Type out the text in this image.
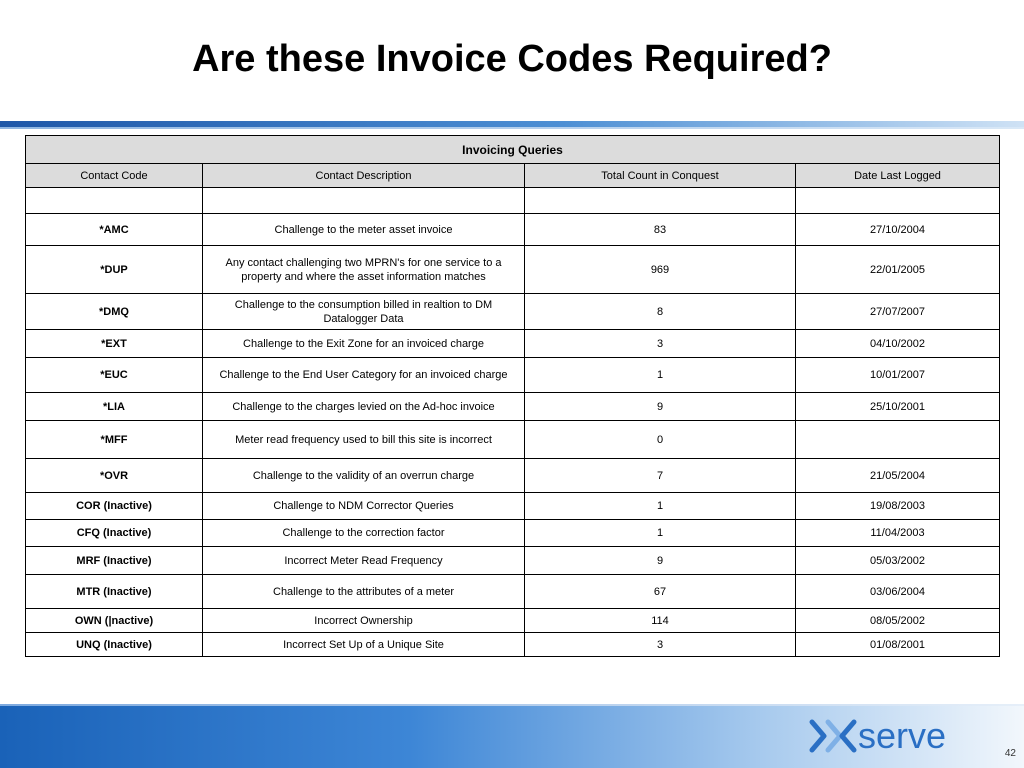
Are these Invoice Codes Required?
Invoicing Queries			
Contact Code	Contact Description	Total Count in Conquest	Date Last Logged

*AMC	Challenge to the meter asset invoice	83	27/10/2004
*DUP	Any contact challenging two MPRN's for one service to a property and where the asset information matches	969	22/01/2005
*DMQ	Challenge to the consumption billed in realtion to DM Datalogger Data	8	27/07/2007
*EXT	Challenge to the Exit Zone for an invoiced charge	3	04/10/2002
*EUC	Challenge to the End User Category for an invoiced charge	1	10/01/2007
*LIA	Challenge to the charges levied on the Ad-hoc invoice	9	25/10/2001
*MFF	Meter read frequency used to bill this site is incorrect	0	
*OVR	Challenge to the validity of an overrun charge	7	21/05/2004
COR (Inactive)	Challenge to NDM Corrector Queries	1	19/08/2003
CFQ (Inactive)	Challenge to the correction factor	1	11/04/2003
MRF (Inactive)	Incorrect Meter Read Frequency	9	05/03/2002
MTR (Inactive)	Challenge to the attributes of a meter	67	03/06/2004
OWN (|nactive)	Incorrect Ownership	114	08/05/2002
UNQ (Inactive)	Incorrect Set Up of a Unique Site	3	01/08/2001
serve	42
